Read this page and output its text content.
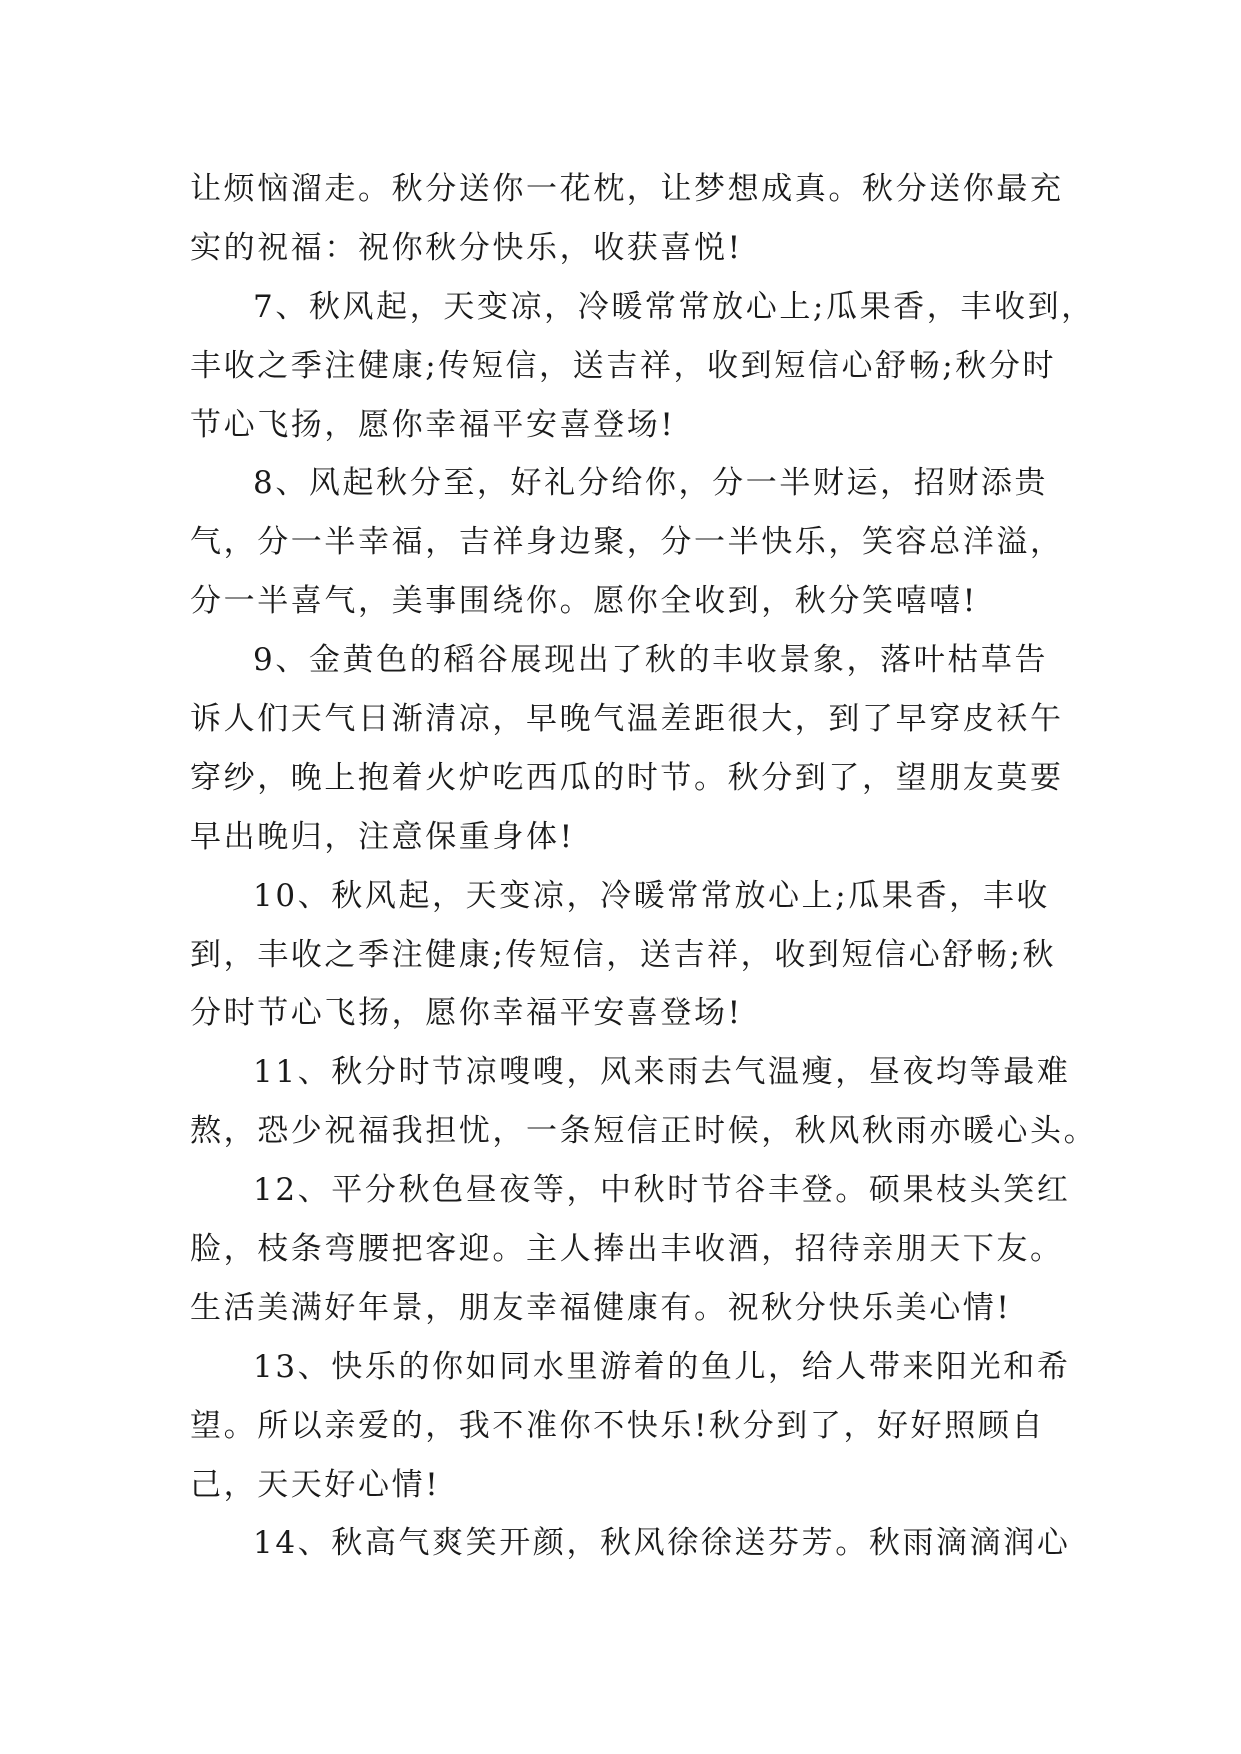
让烦恼溜走。秋分送你一花枕，让梦想成真。秋分送你最充
实的祝福：祝你秋分快乐，收获喜悦!
7、秋风起，天变凉，冷暖常常放心上;瓜果香，丰收到，
丰收之季注健康;传短信，送吉祥，收到短信心舒畅;秋分时
节心飞扬，愿你幸福平安喜登场!
8、风起秋分至，好礼分给你，分一半财运，招财添贵
气，分一半幸福，吉祥身边聚，分一半快乐，笑容总洋溢，
分一半喜气，美事围绕你。愿你全收到，秋分笑嘻嘻!
9、金黄色的稻谷展现出了秋的丰收景象，落叶枯草告
诉人们天气日渐清凉，早晚气温差距很大，到了早穿皮袄午
穿纱，晚上抱着火炉吃西瓜的时节。秋分到了，望朋友莫要
早出晚归，注意保重身体!
10、秋风起，天变凉，冷暖常常放心上;瓜果香，丰收
到，丰收之季注健康;传短信，送吉祥，收到短信心舒畅;秋
分时节心飞扬，愿你幸福平安喜登场!
11、秋分时节凉嗖嗖，风来雨去气温瘦，昼夜均等最难
熬，恐少祝福我担忧，一条短信正时候，秋风秋雨亦暖心头。
12、平分秋色昼夜等，中秋时节谷丰登。硕果枝头笑红
脸，枝条弯腰把客迎。主人捧出丰收酒，招待亲朋天下友。
生活美满好年景，朋友幸福健康有。祝秋分快乐美心情!
13、快乐的你如同水里游着的鱼儿，给人带来阳光和希
望。所以亲爱的，我不准你不快乐!秋分到了，好好照顾自
己，天天好心情!
14、秋高气爽笑开颜，秋风徐徐送芬芳。秋雨滴滴润心
